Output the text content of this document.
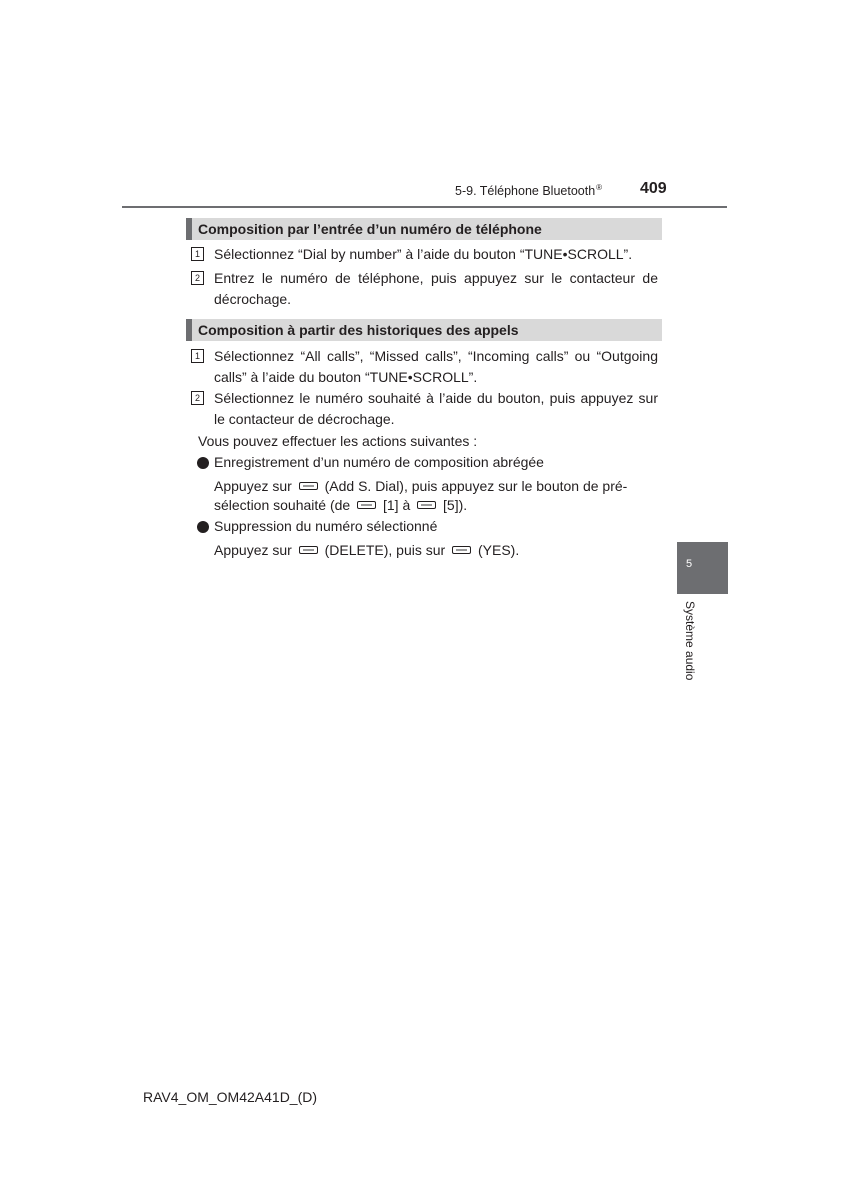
5-9. Téléphone Bluetooth® 409
Composition par l’entrée d’un numéro de téléphone
1 Sélectionnez “Dial by number” à l’aide du bouton “TUNE•SCROLL”.
2 Entrez le numéro de téléphone, puis appuyez sur le contacteur de décrochage.
Composition à partir des historiques des appels
1 Sélectionnez “All calls”, “Missed calls”, “Incoming calls” ou “Outgoing calls” à l’aide du bouton “TUNE•SCROLL”.
2 Sélectionnez le numéro souhaité à l’aide du bouton, puis appuyez sur le contacteur de décrochage.
Vous pouvez effectuer les actions suivantes :
Enregistrement d’un numéro de composition abrégée
Appuyez sur (Add S. Dial), puis appuyez sur le bouton de pré-
sélection souhaité (de [1] à [5]).
Suppression du numéro sélectionné
Appuyez sur (DELETE), puis sur (YES).
5
Système audio
RAV4_OM_OM42A41D_(D)
